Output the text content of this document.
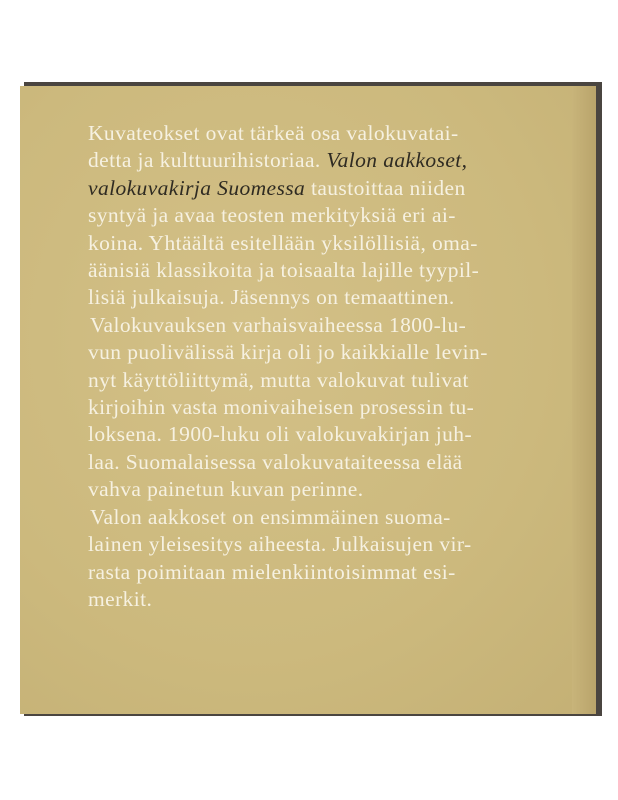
Kuvateokset ovat tärkeä osa valokuvatai-
detta ja kulttuurihistoriaa. Valon aakkoset,
valokuvakirja Suomessa taustoittaa niiden
syntyä ja avaa teosten merkityksiä eri ai-
koina. Yhtäältä esitellään yksilöllisiä, oma-
äänisiä klassikoita ja toisaalta lajille tyypil-
lisiä julkaisuja. Jäsennys on temaattinen.

Valokuvauksen varhaisvaiheessa 1800-lu-
vun puolivälissä kirja oli jo kaikkialle levin-
nyt käyttöliittymä, mutta valokuvat tulivat
kirjoihin vasta monivaiheisen prosessin tu-
loksena. 1900-luku oli valokuvakirjan juh-
laa. Suomalaisessa valokuvataiteessa elää
vahva painetun kuvan perinne.

Valon aakkoset on ensimmäinen suoma-
lainen yleisesitys aiheesta. Julkaisujen vir-
rasta poimitaan mielenkiintoisimmat esi-
merkit.
